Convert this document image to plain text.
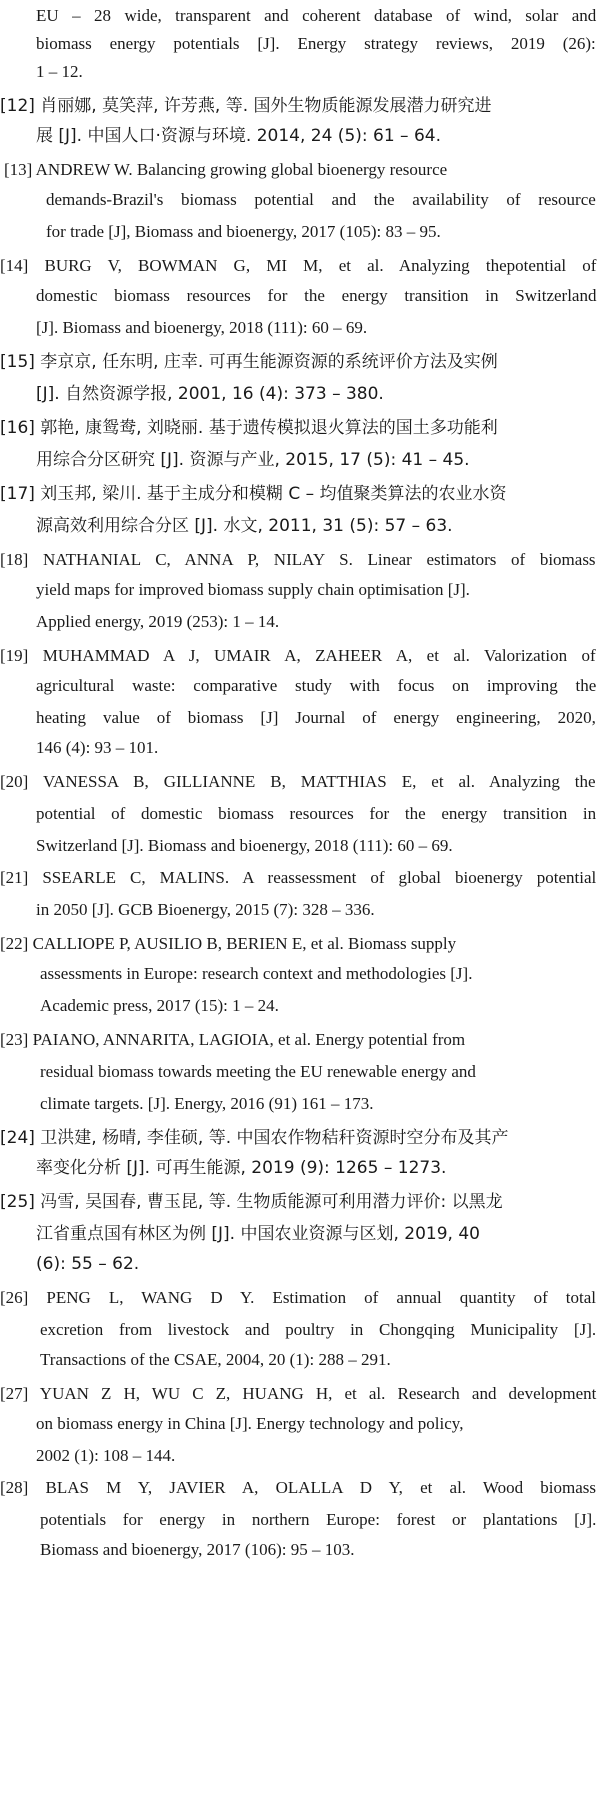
EU – 28 wide, transparent and coherent database of wind, solar and
biomass energy potentials [J]. Energy strategy reviews, 2019 (26):
1 – 12.
[12] 肖丽娜, 莫笑萍, 许芳燕, 等. 国外生物质能源发展潜力研究进
展 [J]. 中国人口·资源与环境. 2014, 24 (5): 61 – 64.
[13] ANDREW W. Balancing growing global bioenergy resource
demands-Brazil's biomass potential and the availability of resource
for trade [J], Biomass and bioenergy, 2017 (105): 83 – 95.
[14] BURG V, BOWMAN G, MI M, et al. Analyzing thepotential of
domestic biomass resources for the energy transition in Switzerland
[J]. Biomass and bioenergy, 2018 (111): 60 – 69.
[15] 李京京, 任东明, 庄幸. 可再生能源资源的系统评价方法及实例
[J]. 自然资源学报, 2001, 16 (4): 373 – 380.
[16] 郭艳, 康鸳鸯, 刘晓丽. 基于遗传模拟退火算法的国土多功能利
用综合分区研究 [J]. 资源与产业, 2015, 17 (5): 41 – 45.
[17] 刘玉邦, 梁川. 基于主成分和模糊 C – 均值聚类算法的农业水资
源高效利用综合分区 [J]. 水文, 2011, 31 (5): 57 – 63.
[18] NATHANIAL C, ANNA P, NILAY S. Linear estimators of biomass
yield maps for improved biomass supply chain optimisation [J].
Applied energy, 2019 (253): 1 – 14.
[19] MUHAMMAD A J, UMAIR A, ZAHEER A, et al. Valorization of
agricultural waste: comparative study with focus on improving the
heating value of biomass [J] Journal of energy engineering, 2020,
146 (4): 93 – 101.
[20] VANESSA B, GILLIANNE B, MATTHIAS E, et al. Analyzing the
potential of domestic biomass resources for the energy transition in
Switzerland [J]. Biomass and bioenergy, 2018 (111): 60 – 69.
[21] SSEARLE C, MALINS. A reassessment of global bioenergy potential
in 2050 [J]. GCB Bioenergy, 2015 (7): 328 – 336.
[22] CALLIOPE P, AUSILIO B, BERIEN E, et al. Biomass supply
assessments in Europe: research context and methodologies [J].
Academic press, 2017 (15): 1 – 24.
[23] PAIANO, ANNARITA, LAGIOIA, et al. Energy potential from
residual biomass towards meeting the EU renewable energy and
climate targets. [J]. Energy, 2016 (91) 161 – 173.
[24] 卫洪建, 杨晴, 李佳硕, 等. 中国农作物秸秆资源时空分布及其产
率变化分析 [J]. 可再生能源, 2019 (9): 1265 – 1273.
[25] 冯雪, 吴国春, 曹玉昆, 等. 生物质能源可利用潜力评价: 以黑龙
江省重点国有林区为例 [J]. 中国农业资源与区划, 2019, 40
(6): 55 – 62.
[26] PENG L, WANG D Y. Estimation of annual quantity of total
excretion from livestock and poultry in Chongqing Municipality [J].
Transactions of the CSAE, 2004, 20 (1): 288 – 291.
[27] YUAN Z H, WU C Z, HUANG H, et al. Research and development
on biomass energy in China [J]. Energy technology and policy,
2002 (1): 108 – 144.
[28] BLAS M Y, JAVIER A, OLALLA D Y, et al. Wood biomass
potentials for energy in northern Europe: forest or plantations [J].
Biomass and bioenergy, 2017 (106): 95 – 103.
